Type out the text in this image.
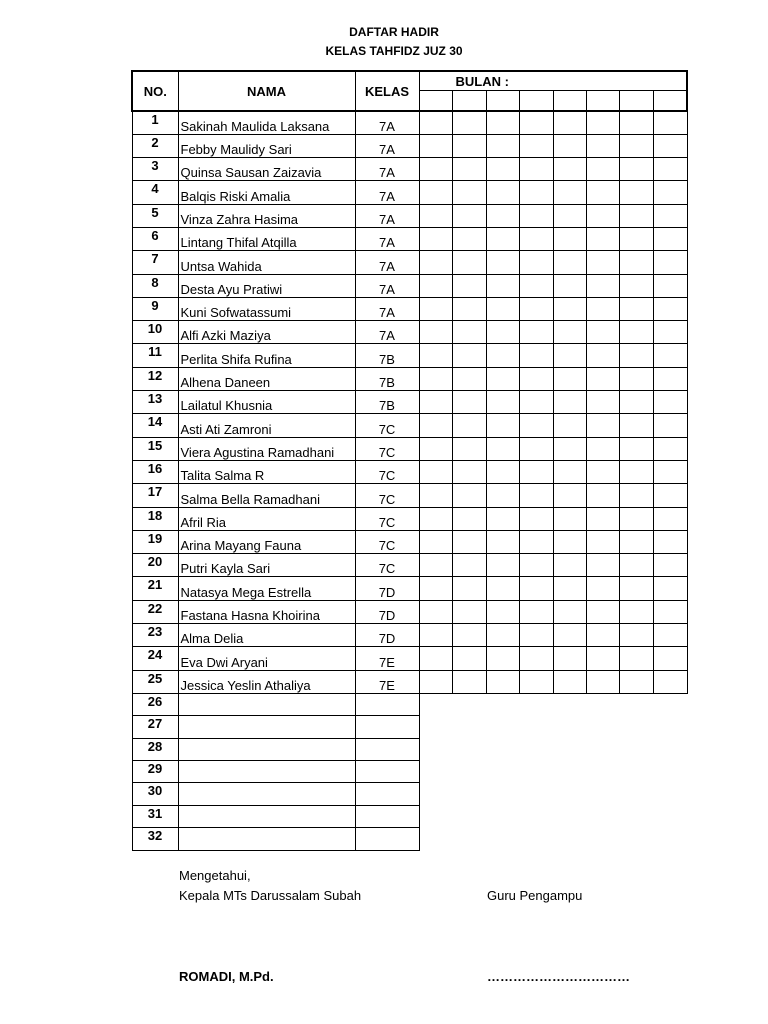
DAFTAR HADIR
KELAS TAHFIDZ JUZ 30
NO.	NAMA	KELAS	BULAN :							

1	Sakinah Maulida Laksana	7A								
2	Febby Maulidy Sari	7A								
3	Quinsa Sausan Zaizavia	7A								
4	Balqis Riski Amalia	7A								
5	Vinza Zahra Hasima	7A								
6	Lintang Thifal Atqilla	7A								
7	Untsa Wahida	7A								
8	Desta Ayu Pratiwi	7A								
9	Kuni Sofwatassumi	7A								
10	Alfi Azki Maziya	7A								
11	Perlita Shifa Rufina	7B								
12	Alhena Daneen	7B								
13	Lailatul Khusnia	7B								
14	Asti Ati Zamroni	7C								
15	Viera Agustina Ramadhani	7C								
16	Talita Salma R	7C								
17	Salma Bella Ramadhani	7C								
18	Afril Ria	7C								
19	Arina Mayang Fauna	7C								
20	Putri Kayla Sari	7C								
21	Natasya Mega Estrella	7D								
22	Fastana Hasna Khoirina	7D								
23	Alma Delia	7D								
24	Eva Dwi Aryani	7E								
25	Jessica Yeslin Athaliya	7E								
26										
27										
28										
29										
30										
31										
32										
Mengetahui,
Kepala MTs Darussalam Subah	Guru Pengampu
ROMADI, M.Pd.	……………………………
